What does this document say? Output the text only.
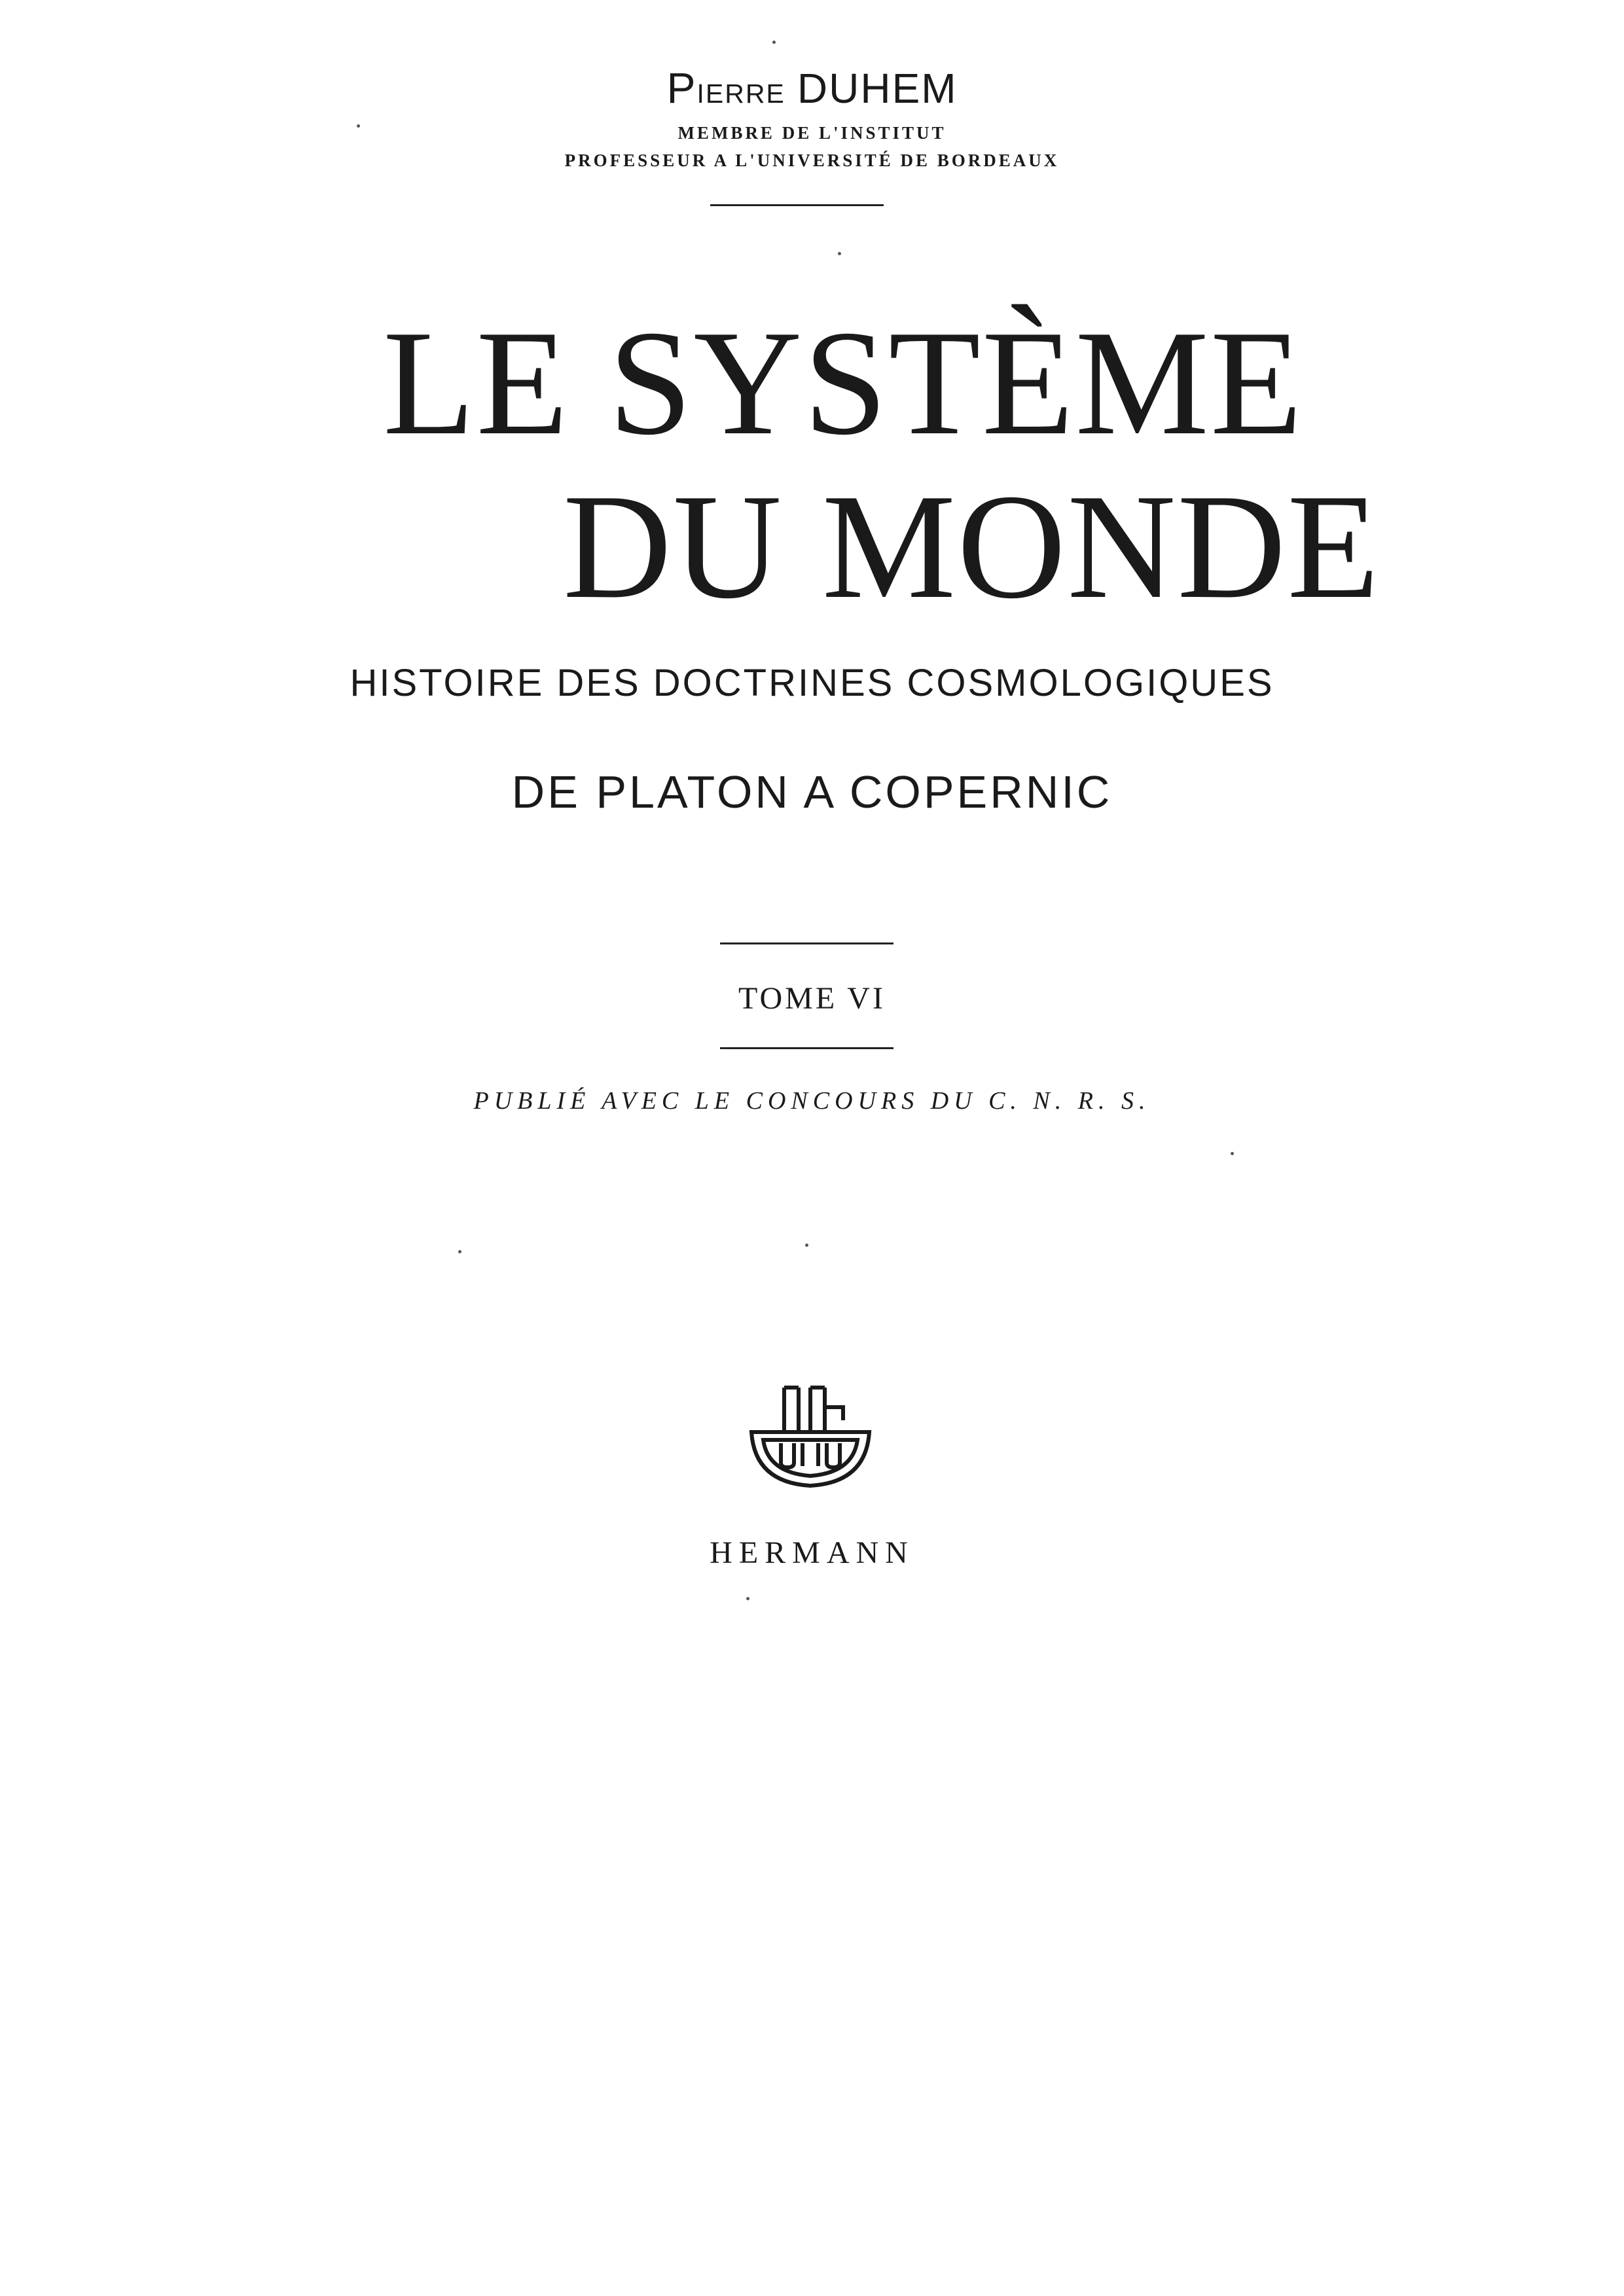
Pierre DUHEM
MEMBRE DE L'INSTITUT
PROFESSEUR A L'UNIVERSITÉ DE BORDEAUX
LE SYSTÈME
DU MONDE
HISTOIRE DES DOCTRINES COSMOLOGIQUES
DE PLATON A COPERNIC
TOME VI
PUBLIÉ AVEC LE CONCOURS DU C. N. R. S.
HERMANN
